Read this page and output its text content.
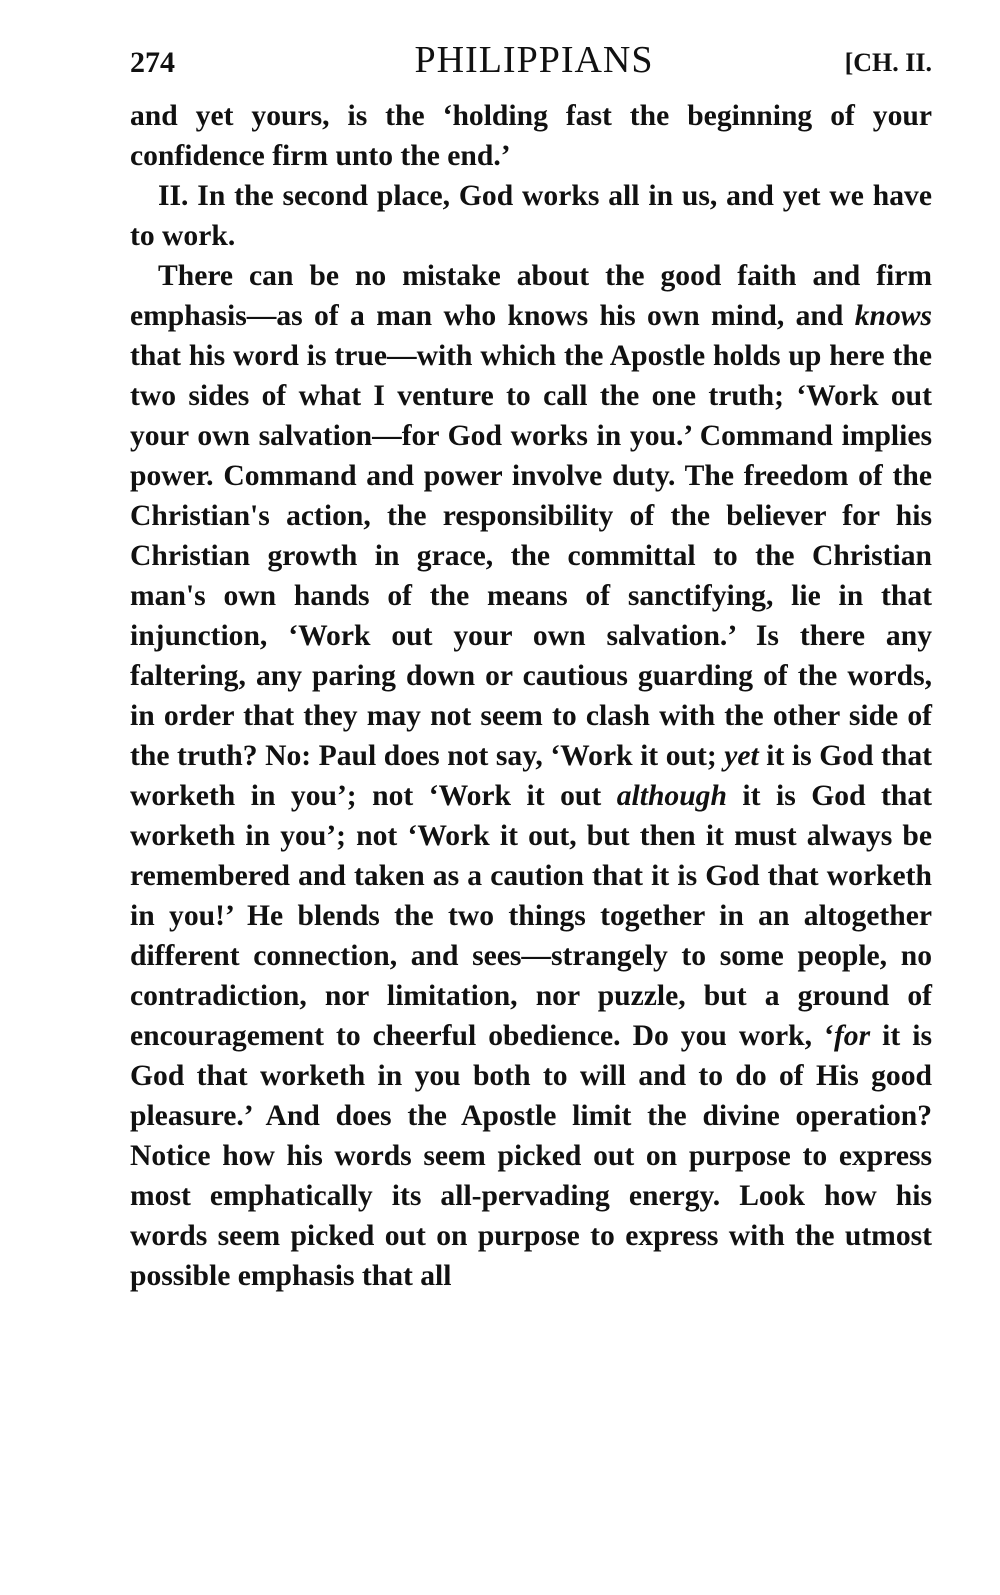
274	PHILIPPIANS	[CH. II.

and yet yours, is the ‘holding fast the beginning of your confidence firm unto the end.’

II. In the second place, God works all in us, and yet we have to work.

There can be no mistake about the good faith and firm emphasis—as of a man who knows his own mind, and knows that his word is true—with which the Apostle holds up here the two sides of what I venture to call the one truth; ‘Work out your own salvation—for God works in you.’ Command implies power. Command and power involve duty. The freedom of the Christian's action, the responsibility of the believer for his Christian growth in grace, the committal to the Christian man's own hands of the means of sanctifying, lie in that injunction, ‘Work out your own salvation.’ Is there any faltering, any paring down or cautious guarding of the words, in order that they may not seem to clash with the other side of the truth? No: Paul does not say, ‘Work it out; yet it is God that worketh in you’; not ‘Work it out although it is God that worketh in you’; not ‘Work it out, but then it must always be remembered and taken as a caution that it is God that worketh in you!’ He blends the two things together in an altogether different connection, and sees—strangely to some people, no contradiction, nor limitation, nor puzzle, but a ground of encouragement to cheerful obedience. Do you work, ‘for it is God that worketh in you both to will and to do of His good pleasure.’ And does the Apostle limit the divine operation? Notice how his words seem picked out on purpose to express most emphatically its all-pervading energy. Look how his words seem picked out on purpose to express with the utmost possible emphasis that all
